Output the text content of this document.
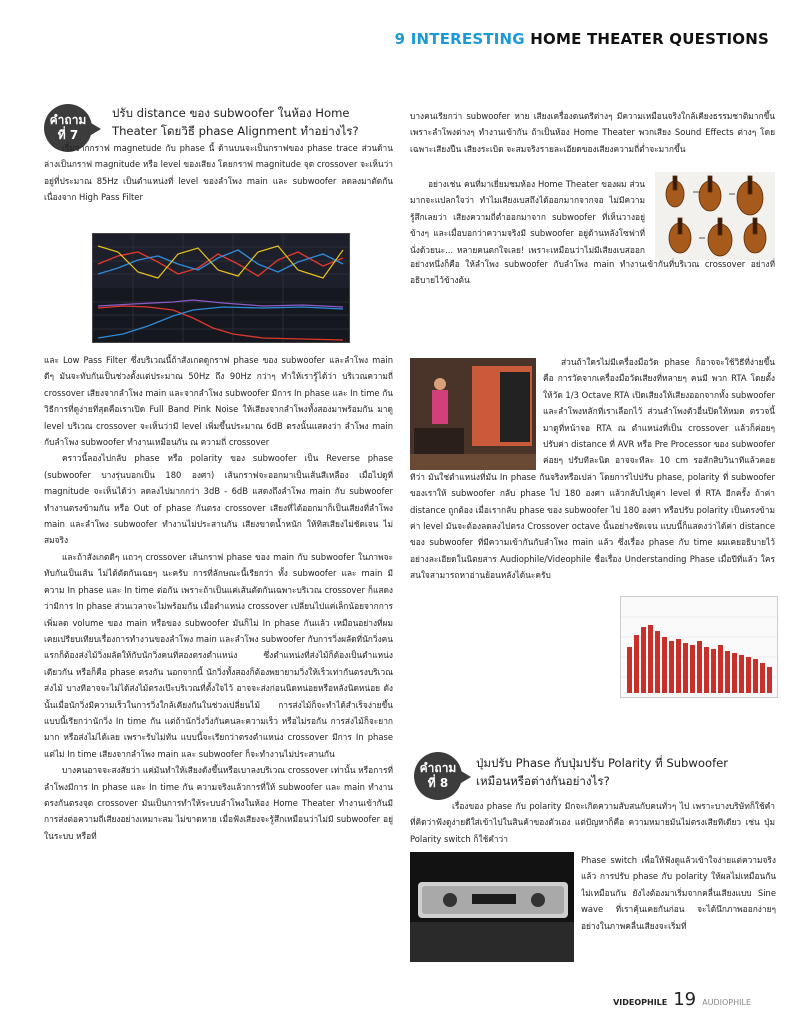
9 INTERESTING HOME THEATER QUESTIONS
คำถาม
ที่ 7
ปรับ distance ของ subwoofer ในห้อง Home
Theater โดยวิธี phase Alignment ทำอย่างไร?

เริ่มจากกราฟ magnetude กับ phase นี้ ด้านบนจะเป็นกราฟของ phase trace ส่วนด้านล่างเป็นกราฟ magnitude หรือ level ของเสียง โดยกราฟ magnitude จุด crossover จะเห็นว่าอยู่ที่ประมาณ 85Hz เป็นตำแหน่งที่ level ของลำโพง main และ subwoofer ลดลงมาตัดกัน เนื่องจาก High Pass Filter

และ Low Pass Filter ซึ่งบริเวณนี้ถ้าสังเกตดูกราฟ phase ของ subwoofer และลำโพง main ดีๆ มันจะทับกันเป็นช่วงตั้งแต่ประมาณ 50Hz ถึง 90Hz กว่าๆ ทำให้เรารู้ได้ว่า บริเวณความถี่ crossover เสียงจากลำโพง main และจากลำโพง subwoofer มีการ In phase และ In time กัน วิธีการที่ดูง่ายที่สุดคือเราเปิด Full Band Pink Noise ให้เสียงจากลำโพงทั้งสองมาพร้อมกัน มาดู level บริเวณ crossover จะเห็นว่ามี level เพิ่มขึ้นประมาณ 6dB ตรงนั้นแสดงว่า ลำโพง main กับลำโพง subwoofer ทำงานเหมือนกัน ณ ความถี่ crossover

คราวนี้ลองไปกลับ phase หรือ polarity ของ subwoofer เป็น Reverse phase (subwoofer บางรุ่นบอกเป็น 180 องศา) เส้นกราฟจะออกมาเป็นเส้นสีเหลือง เมื่อไปดูที่ magnitude จะเห็นได้ว่า ลดลงไปมากกว่า 3dB - 6dB แสดงถึงลำโพง main กับ subwoofer ทำงานตรงข้ามกัน หรือ Out of phase กันตรง crossover เสียงที่ได้ออกมาก็เป็นเสียงที่ลำโพง main และลำโพง subwoofer ทำงานไม่ประสานกัน เสียงขาดน้ำหนัก ให้ทิสเสียงไม่ชัดเจน ไม่สมจริง

และถ้าสังเกตดีๆ แถวๆ crossover เส้นกราฟ phase ของ main กับ subwoofer ในภาพจะทับกันเป็นเส้น ไม่ได้ตัดกันเฉยๆ นะครับ การที่ลักษณะนี้เรียกว่า ทั้ง subwoofer และ main มีความ In phase และ In time ต่อกัน เพราะถ้าเป็นแค่เส้นตัดกันเฉพาะบริเวณ crossover ก็แสดงว่ามีการ In phase ส่วนเวลาจะไม่พร้อมกัน เมื่อตำแหน่ง crossover เปลี่ยนไปแค่เล็กน้อยจากการเพิ่มลด volume ของ main หรือของ subwoofer มันก็ไม่ In phase กันแล้ว เหมือนอย่างที่ผมเคยเปรียบเทียบเรื่องการทำงานของลำโพง main และลำโพง subwoofer กับการวิ่งผลัดที่นักวิ่งคนแรกก็ต้องส่งไม้วิ่งผลัดให้กับนักวิ่งคนที่สองตรงตำแหน่ง ซึ่งตำแหน่งที่ส่งไม้ก็ต้องเป็นตำแหน่งเดียวกัน หรือก็คือ phase ตรงกัน นอกจากนี้ นักวิ่งทั้งสองก็ต้องพยายามวิ่งให้เร็วเท่ากันตรงบริเวณส่งไม้ บางทีอาจจะไม่ได้ส่งไม้ตรงเป๊ะบริเวณที่ตั้งใจไว้ อาจจะส่งก่อนนิดหน่อยหรือหลังนิดหน่อย ดังนั้นเมื่อนักวิ่งมีความเร็วในการวิ่งใกล้เคียงกันในช่วงเปลี่ยนไม้ การส่งไม้ก็จะทำได้สำเร็จง่ายขึ้น แบบนี้เรียกว่านักวิ่ง In time กัน แต่ถ้านักวิ่งวิ่งกันคนละความเร็ว หรือไม่รอกัน การส่งไม้ก็จะยากมาก หรือส่งไม่ได้เลย เพราะรับไม่ทัน แบบนี้จะเรียกว่าตรงตำแหน่ง crossover มีการ In phase แต่ไม่ In time เสียงจากลำโพง main และ subwoofer ก็จะทำงานไม่ประสานกัน

บางคนอาจจะสงสัยว่า แค่มันทำให้เสียงดังขึ้นหรือเบาลงบริเวณ crossover เท่านั้น หรือการที่ลำโพงมีการ In phase และ In time กัน ความจริงแล้วการที่ให้ subwoofer และ main ทำงานตรงกันตรงจุด crossover มันเป็นการทำให้ระบบลำโพงในห้อง Home Theater ทำงานเข้ากันมีการส่งต่อความถี่เสียงอย่างเหมาะสม ไม่ขาดหาย เมื่อฟังเสียงจะรู้สึกเหมือนว่าไม่มี subwoofer อยู่ในระบบ หรือที่

บางคนเรียกว่า subwoofer หาย เสียงเครื่องดนตรีต่างๆ มีความเหมือนจริงใกล้เคียงธรรมชาติมากขึ้น เพราะลำโพงต่างๆ ทำงานเข้ากัน ถ้าเป็นห้อง Home Theater พวกเสียง Sound Effects ต่างๆ โดยเฉพาะเสียงปืน เสียงระเบิด จะสมจริงรายละเอียดของเสียงความถี่ต่ำจะมากขึ้น

อย่างเช่น คนที่มาเยี่ยมชมห้อง Home Theater ของผม ส่วนมากจะแปลกใจว่า ทำไมเสียงเบสถึงได้ออกมากจากจอ ไม่มีความรู้สึกเลยว่า เสียงความถี่ต่ำออกมาจาก subwoofer ที่เห็นวางอยู่ข้างๆ และเมื่อบอกว่าความจริงมี subwoofer อยู่ด้านหลังโซฟาที่นั่งด้วยนะ... หลายคนตกใจเลย! เพราะเหมือนว่าไม่มีเสียงเบสออก

อย่างหนึ่งก็คือ ให้ลำโพง subwoofer กับลำโพง main ทำงานเข้ากันที่บริเวณ crossover อย่างที่อธิบายไว้ข้างต้น

ส่วนถ้าใครไม่มีเครื่องมือวัด phase ก็อาจจะใช้วิธีที่ง่ายขึ้นคือ การวัดจากเครื่องมือวัดเสียงที่หลายๆ คนมี พวก RTA โดยตั้งให้วัด 1/3 Octave RTA เปิดเสียงให้เสียงออกจากทั้ง subwoofer และลำโพงหลักที่เราเลือกไว้ ส่วนลำโพงตัวอื่นปิดให้หมด ตรวจนี้มาดูที่หน้าจอ RTA ณ ตำแหน่งที่เป็น crossover แล้วก็ค่อยๆ ปรับค่า distance ที่ AVR หรือ Pre Processor ของ subwoofer ค่อยๆ ปรับทีละนิด อาจจะทีละ 10 cm รอสักสิบวินาทีแล้วคอย

ทีว่า มันใช่ตำแหน่งที่มัน In phase กันจริงหรือเปล่า โดยการไปปรับ phase, polarity ที่ subwoofer ของเราให้ subwoofer กลับ phase ไป 180 องศา แล้วกลับไปดูค่า level ที่ RTA อีกครั้ง ถ้าค่า distance ถูกต้อง เมื่อเรากลับ phase ของ subwoofer ไป 180 องศา หรือปรับ polarity เป็นตรงข้าม ค่า level มันจะต้องลดลงไปตรง Crossover octave นั้นอย่างชัดเจน แบบนี้ก็แสดงว่าได้ค่า distance ของ subwoofer ที่มีความเข้ากันกับลำโพง main แล้ว ซึ่งเรื่อง phase กับ time ผมเคยอธิบายไว้อย่างละเอียดในนิตยสาร Audiophile/Videophile ชื่อเรื่อง Understanding Phase เมื่อปีที่แล้ว ใครสนใจสามารถหาอ่านย้อนหลังได้นะครับ

คำถาม
ที่ 8
ปุ่มปรับ Phase กับปุ่มปรับ Polarity ที่ Subwoofer
เหมือนหรือต่างกันอย่างไร?

เรื่องของ phase กับ polarity มีกจะเกิดความสับสนกับคนทั่วๆ ไป เพราะบางบริษัทก็ใช้คำที่คิดว่าฟังดูง่ายดีใส่เข้าไปในสินค้าของตัวเอง แต่ปัญหาก็คือ ความหมายมันไม่ตรงเสียทีเดียว เช่น ปุ่ม Polarity switch ก็ใช้คำว่า

Phase switch เพื่อให้ฟังดูแล้วเข้าใจง่ายแต่ความจริงแล้ว การปรับ phase กับ polarity ให้ผลไม่เหมือนกันไม่เหมือนกัน ยังไงต้องมาเริ่มจากคลื่นเสียงแบบ Sine wave ที่เราคุ้นเคยกันก่อน จะได้นึกภาพออกง่ายๆ อย่างในภาพคลื่นเสียงจะเริ่มที่

VIDEOPHILE 19 AUDIOPHILE
